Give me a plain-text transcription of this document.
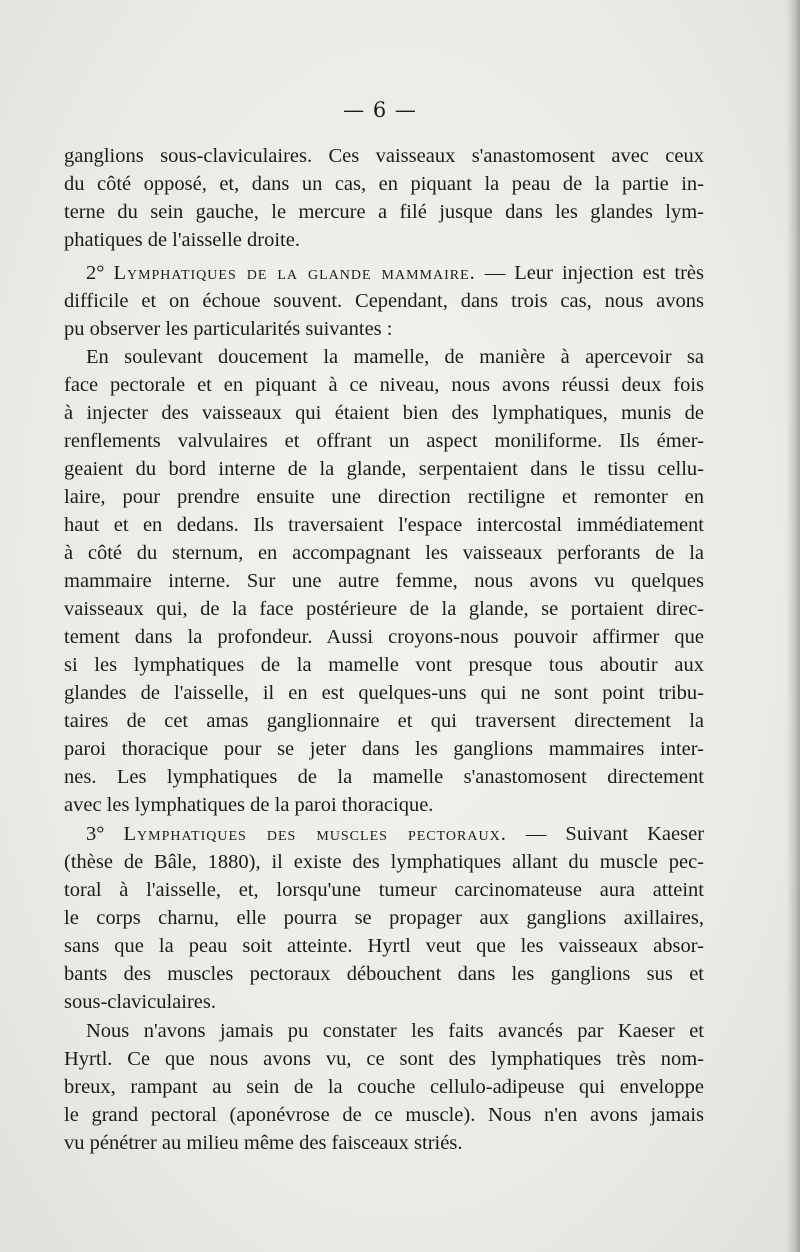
— 6 —
ganglions sous-claviculaires. Ces vaisseaux s'anastomosent avec ceux
du côté opposé, et, dans un cas, en piquant la peau de la partie in-
terne du sein gauche, le mercure a filé jusque dans les glandes lym-
phatiques de l'aisselle droite.
2° Lymphatiques de la glande mammaire. — Leur injection est très
difficile et on échoue souvent. Cependant, dans trois cas, nous avons
pu observer les particularités suivantes :
En soulevant doucement la mamelle, de manière à apercevoir sa
face pectorale et en piquant à ce niveau, nous avons réussi deux fois
à injecter des vaisseaux qui étaient bien des lymphatiques, munis de
renflements valvulaires et offrant un aspect moniliforme. Ils émer-
geaient du bord interne de la glande, serpentaient dans le tissu cellu-
laire, pour prendre ensuite une direction rectiligne et remonter en
haut et en dedans. Ils traversaient l'espace intercostal immédiatement
à côté du sternum, en accompagnant les vaisseaux perforants de la
mammaire interne. Sur une autre femme, nous avons vu quelques
vaisseaux qui, de la face postérieure de la glande, se portaient direc-
tement dans la profondeur. Aussi croyons-nous pouvoir affirmer que
si les lymphatiques de la mamelle vont presque tous aboutir aux
glandes de l'aisselle, il en est quelques-uns qui ne sont point tribu-
taires de cet amas ganglionnaire et qui traversent directement la
paroi thoracique pour se jeter dans les ganglions mammaires inter-
nes. Les lymphatiques de la mamelle s'anastomosent directement
avec les lymphatiques de la paroi thoracique.
3° Lymphatiques des muscles pectoraux. — Suivant Kaeser
(thèse de Bâle, 1880), il existe des lymphatiques allant du muscle pec-
toral à l'aisselle, et, lorsqu'une tumeur carcinomateuse aura atteint
le corps charnu, elle pourra se propager aux ganglions axillaires,
sans que la peau soit atteinte. Hyrtl veut que les vaisseaux absor-
bants des muscles pectoraux débouchent dans les ganglions sus et
sous-claviculaires.
Nous n'avons jamais pu constater les faits avancés par Kaeser et
Hyrtl. Ce que nous avons vu, ce sont des lymphatiques très nom-
breux, rampant au sein de la couche cellulo-adipeuse qui enveloppe
le grand pectoral (aponévrose de ce muscle). Nous n'en avons jamais
vu pénétrer au milieu même des faisceaux striés.
